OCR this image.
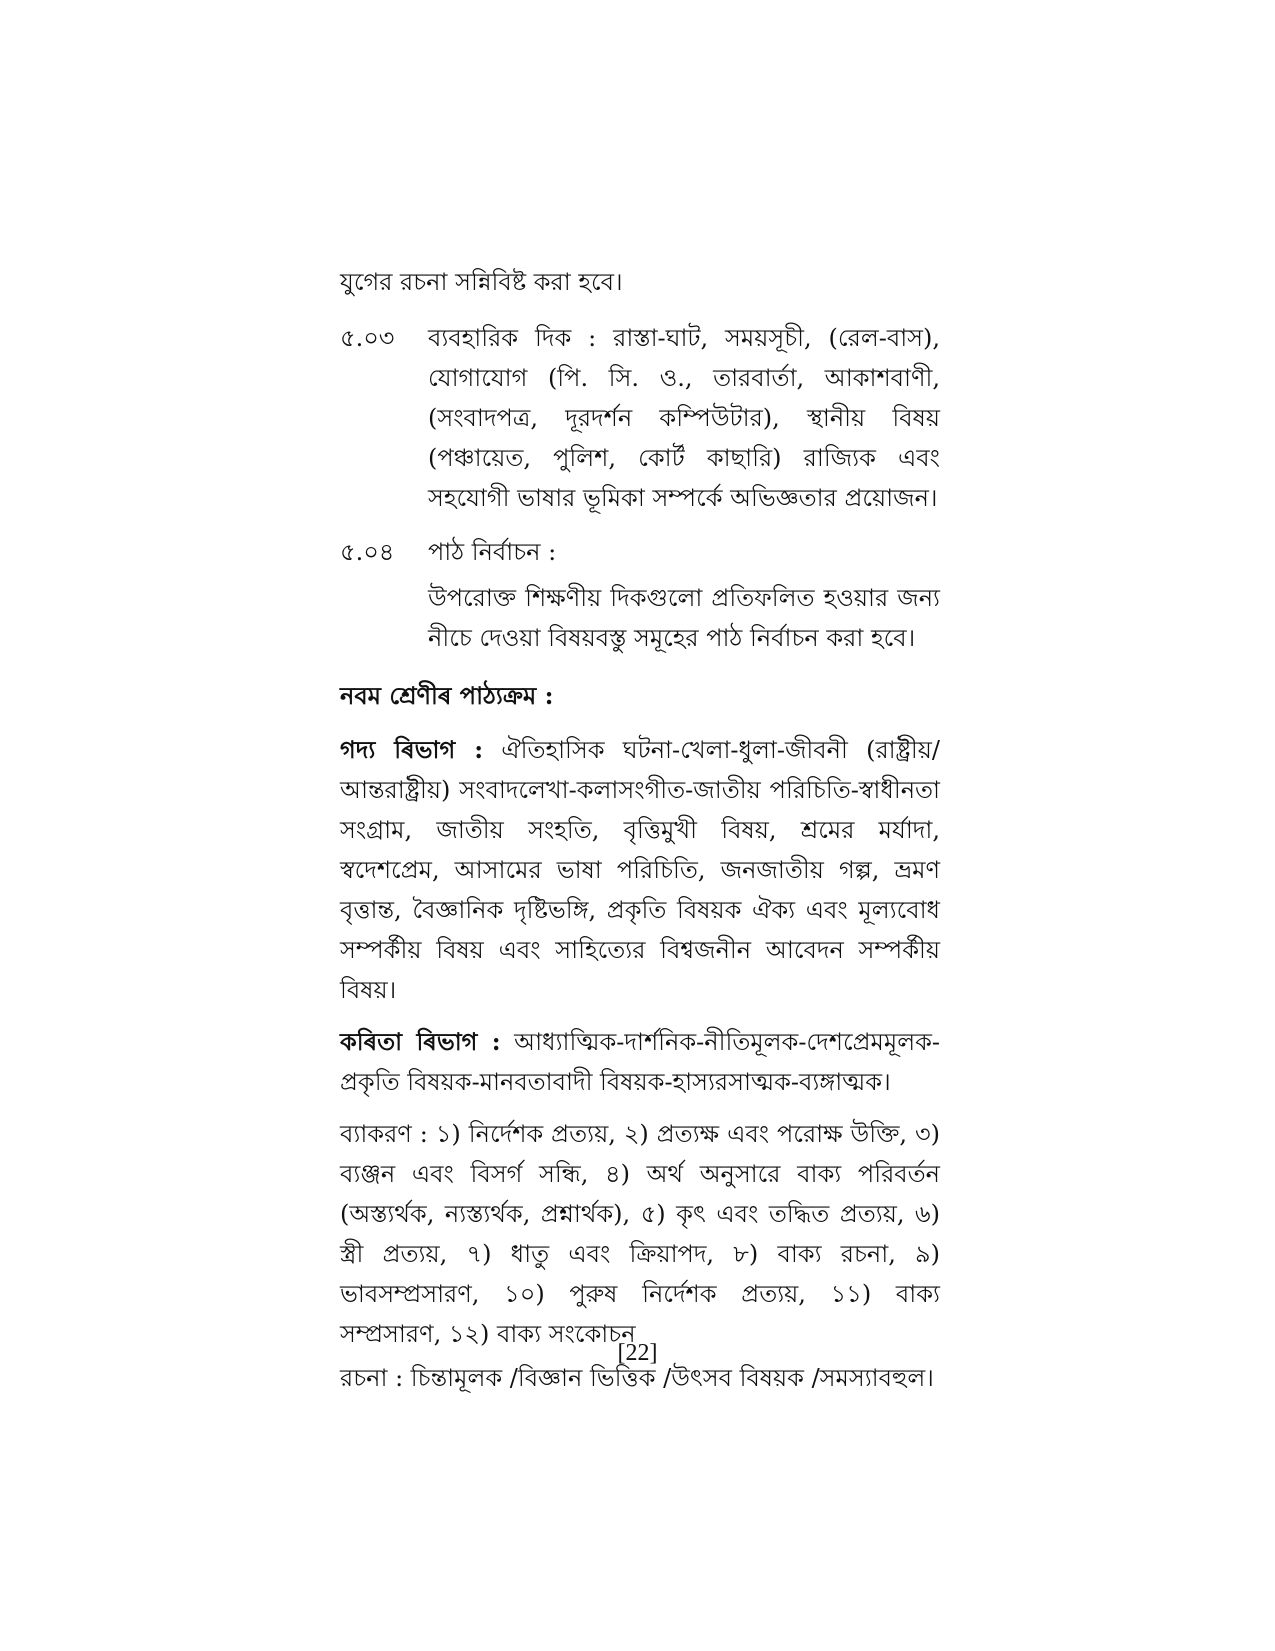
যুগের রচনা সন্নিবিষ্ট করা হবে।

৫.০৩	ব্যবহারিক দিক : রাস্তা-ঘাট, সময়সূচী, (রেল-বাস), যোগাযোগ (পি. সি. ও., তারবার্তা, আকাশবাণী, (সংবাদপত্র, দূরদর্শন কম্পিউটার), স্থানীয় বিষয় (পঞ্চায়েত, পুলিশ, কোর্ট কাছারি) রাজ্যিক এবং সহযোগী ভাষার ভূমিকা সম্পর্কে অভিজ্ঞতার প্রয়োজন।
৫.০৪	পাঠ নির্বাচন :
উপরোক্ত শিক্ষণীয় দিকগুলো প্রতিফলিত হওয়ার জন্য নীচে দেওয়া বিষয়বস্তু সমূহের পাঠ নির্বাচন করা হবে।

নবম শ্রেণীৰ পাঠ্যক্রম :

গদ্য ৰিভাগ : ঐতিহাসিক ঘটনা-খেলা-ধুলা-জীবনী (রাষ্ট্রীয়/আন্তরাষ্ট্রীয়) সংবাদলেখা-কলাসংগীত-জাতীয় পরিচিতি-স্বাধীনতা সংগ্রাম, জাতীয় সংহতি, বৃত্তিমুখী বিষয়, শ্রমের মর্যাদা, স্বদেশপ্রেম, আসামের ভাষা পরিচিতি, জনজাতীয় গল্প, ভ্রমণ বৃত্তান্ত, বৈজ্ঞানিক দৃষ্টিভঙ্গি, প্রকৃতি বিষয়ক ঐক্য এবং মূল্যবোধ সম্পর্কীয় বিষয় এবং সাহিত্যের বিশ্বজনীন আবেদন সম্পর্কীয় বিষয়।

কৰিতা ৰিভাগ : আধ্যাত্মিক-দার্শনিক-নীতিমূলক-দেশপ্রেমমূলক-প্রকৃতি বিষয়ক-মানবতাবাদী বিষয়ক-হাস্যরসাত্মক-ব্যঙ্গাত্মক।

ব্যাকরণ : ১) নির্দেশক প্রত্যয়, ২) প্রত্যক্ষ এবং পরোক্ষ উক্তি, ৩) ব্যঞ্জন এবং বিসর্গ সন্ধি, ৪) অর্থ অনুসারে বাক্য পরিবর্তন (অস্ত্যর্থক, ন্যস্ত্যর্থক, প্রশ্নার্থক), ৫) কৃৎ এবং তদ্ধিত প্রত্যয়, ৬) স্ত্রী প্রত্যয়, ৭) ধাতু এবং ক্রিয়াপদ, ৮) বাক্য রচনা, ৯) ভাবসম্প্রসারণ, ১০) পুরুষ নির্দেশক প্রত্যয়, ১১) বাক্য সম্প্রসারণ, ১২) বাক্য সংকোচন

রচনা : চিন্তামূলক /বিজ্ঞান ভিত্তিক /উৎসব বিষয়ক /সমস্যাবহুল।

[22]
